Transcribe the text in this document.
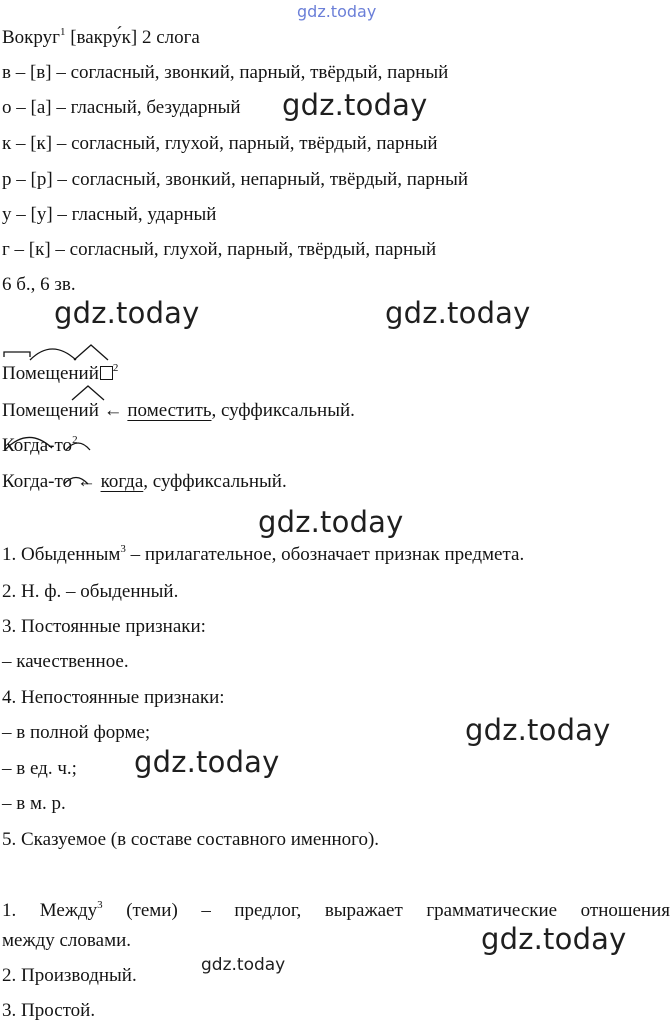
gdz.today
gdz.today
gdz.today	gdz.today
gdz.today
gdz.today
gdz.today
gdz.today
gdz.today
Вокруг$^1$ [вакру́к] 2 слога
в – [в] – согласный, звонкий, парный, твёрдый, парный
о – [а] – гласный, безударный
к – [к] – согласный, глухой, парный, твёрдый, парный
р – [р] – согласный, звонкий, непарный, твёрдый, парный
у – [у] – гласный, ударный
г – [к] – согласный, глухой, парный, твёрдый, парный
6 б., 6 зв.
Помещений $^2$
Помещений ← поместить, суффиксальный.
Когда-$то^2$
Когда-то ← когда, суффиксальный.
1. Обыденным$^3$ – прилагательное, обозначает признак предмета.
2. Н. ф. – обыденный.
3. Постоянные признаки:
– качественное.
4. Непостоянные признаки:
– в полной форме;
– в ед. ч.;
– в м. р.
5. Сказуемое (в составе составного именного).
1. Между$^3$ (теми) – предлог, выражает грамматические отношения
между словами.
2. Производный.
3. Простой.
